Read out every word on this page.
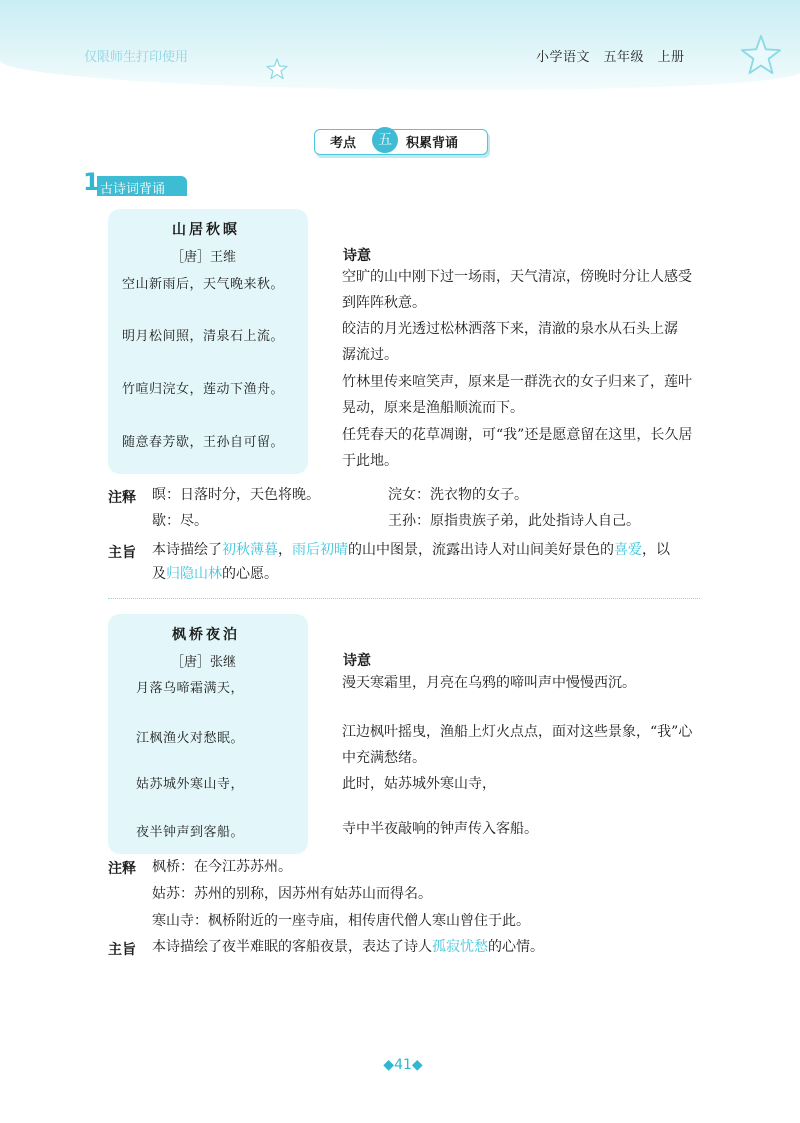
仅限师生打印使用	小学语文　五年级　上册
考点	五	积累背诵
1 古诗词背诵
山居秋暝
［唐］王维
空山新雨后，天气晚来秋。
明月松间照，清泉石上流。
竹喧归浣女，莲动下渔舟。
随意春芳歇，王孙自可留。
诗意
空旷的山中刚下过一场雨，天气清凉，傍晚时分让人感受
到阵阵秋意。
皎洁的月光透过松林洒落下来，清澈的泉水从石头上潺
潺流过。
竹林里传来喧笑声，原来是一群洗衣的女子归来了，莲叶
晃动，原来是渔船顺流而下。
任凭春天的花草凋谢，可“我”还是愿意留在这里，长久居
于此地。
注释 暝：日落时分，天色将晚。	浣女：洗衣物的女子。
歇：尽。	王孙：原指贵族子弟，此处指诗人自己。
主旨 本诗描绘了初秋薄暮，雨后初晴的山中图景，流露出诗人对山间美好景色的喜爱，以
及归隐山林的心愿。
枫桥夜泊
［唐］张继
月落乌啼霜满天，
江枫渔火对愁眠。
姑苏城外寒山寺，
夜半钟声到客船。
诗意
漫天寒霜里，月亮在乌鸦的啼叫声中慢慢西沉。
江边枫叶摇曳，渔船上灯火点点，面对这些景象，“我”心
中充满愁绪。
此时，姑苏城外寒山寺，
寺中半夜敲响的钟声传入客船。
注释 枫桥：在今江苏苏州。
姑苏：苏州的别称，因苏州有姑苏山而得名。
寒山寺：枫桥附近的一座寺庙，相传唐代僧人寒山曾住于此。
主旨 本诗描绘了夜半难眠的客船夜景，表达了诗人孤寂忧愁的心情。
◆41◆
